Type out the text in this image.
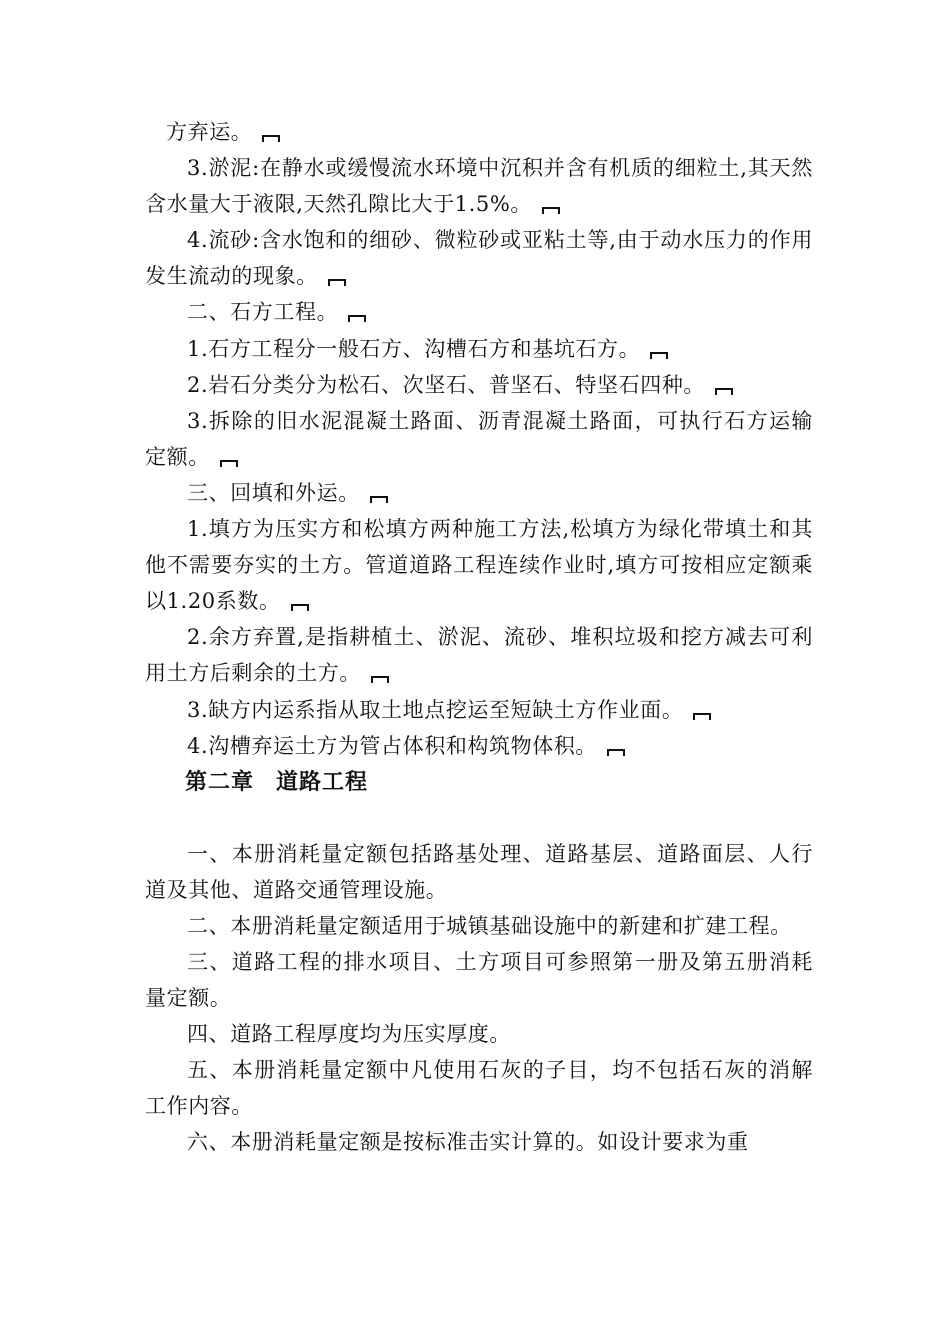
方弃运。

3.淤泥:在静水或缓慢流水环境中沉积并含有机质的细粒土,其天然含水量大于液限,天然孔隙比大于1.5%。

4.流砂:含水饱和的细砂、微粒砂或亚粘土等,由于动水压力的作用发生流动的现象。

二、石方工程。

1.石方工程分一般石方、沟槽石方和基坑石方。

2.岩石分类分为松石、次坚石、普坚石、特坚石四种。

3.拆除的旧水泥混凝土路面、沥青混凝土路面，可执行石方运输定额。

三、回填和外运。

1.填方为压实方和松填方两种施工方法,松填方为绿化带填土和其他不需要夯实的土方。管道道路工程连续作业时,填方可按相应定额乘以1.20系数。

2.余方弃置,是指耕植土、淤泥、流砂、堆积垃圾和挖方减去可利用土方后剩余的土方。

3.缺方内运系指从取土地点挖运至短缺土方作业面。

4.沟槽弃运土方为管占体积和构筑物体积。

第二章 道路工程

一、本册消耗量定额包括路基处理、道路基层、道路面层、人行道及其他、道路交通管理设施。

二、本册消耗量定额适用于城镇基础设施中的新建和扩建工程。

三、道路工程的排水项目、土方项目可参照第一册及第五册消耗量定额。

四、道路工程厚度均为压实厚度。

五、本册消耗量定额中凡使用石灰的子目，均不包括石灰的消解工作内容。

六、本册消耗量定额是按标准击实计算的。如设计要求为重
